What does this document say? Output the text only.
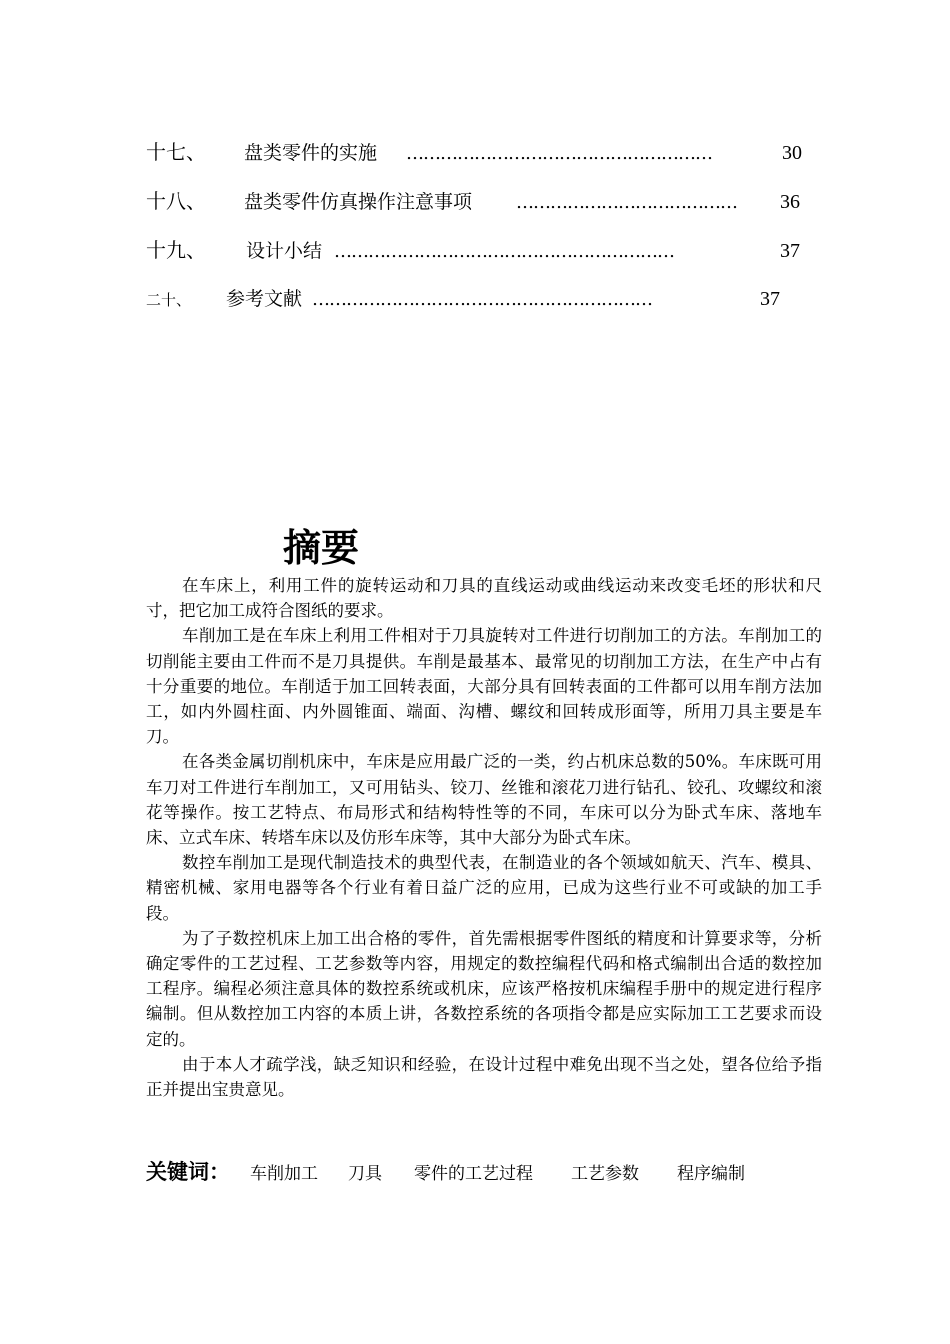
十七、	盘类零件的实施	………………………………………………	30
十八、	盘类零件仿真操作注意事项	…………………………………	36
十九、	设计小结 ……………………………………………………	37
二十、	参考文献 ……………………………………………………	37
摘要

在车床上，利用工件的旋转运动和刀具的直线运动或曲线运动来改变毛坯的形状和尺寸，把它加工成符合图纸的要求。

车削加工是在车床上利用工件相对于刀具旋转对工件进行切削加工的方法。车削加工的切削能主要由工件而不是刀具提供。车削是最基本、最常见的切削加工方法，在生产中占有十分重要的地位。车削适于加工回转表面，大部分具有回转表面的工件都可以用车削方法加工，如内外圆柱面、内外圆锥面、端面、沟槽、螺纹和回转成形面等，所用刀具主要是车刀。

在各类金属切削机床中，车床是应用最广泛的一类，约占机床总数的50%。车床既可用车刀对工件进行车削加工，又可用钻头、铰刀、丝锥和滚花刀进行钻孔、铰孔、攻螺纹和滚花等操作。按工艺特点、布局形式和结构特性等的不同，车床可以分为卧式车床、落地车床、立式车床、转塔车床以及仿形车床等，其中大部分为卧式车床。

数控车削加工是现代制造技术的典型代表，在制造业的各个领域如航天、汽车、模具、精密机械、家用电器等各个行业有着日益广泛的应用，已成为这些行业不可或缺的加工手段。

为了子数控机床上加工出合格的零件，首先需根据零件图纸的精度和计算要求等，分析确定零件的工艺过程、工艺参数等内容，用规定的数控编程代码和格式编制出合适的数控加工程序。编程必须注意具体的数控系统或机床，应该严格按机床编程手册中的规定进行程序编制。但从数控加工内容的本质上讲，各数控系统的各项指令都是应实际加工工艺要求而设定的。

由于本人才疏学浅，缺乏知识和经验，在设计过程中难免出现不当之处，望各位给予指正并提出宝贵意见。

关键词： 车削加工 刀具 零件的工艺过程 工艺参数 程序编制
